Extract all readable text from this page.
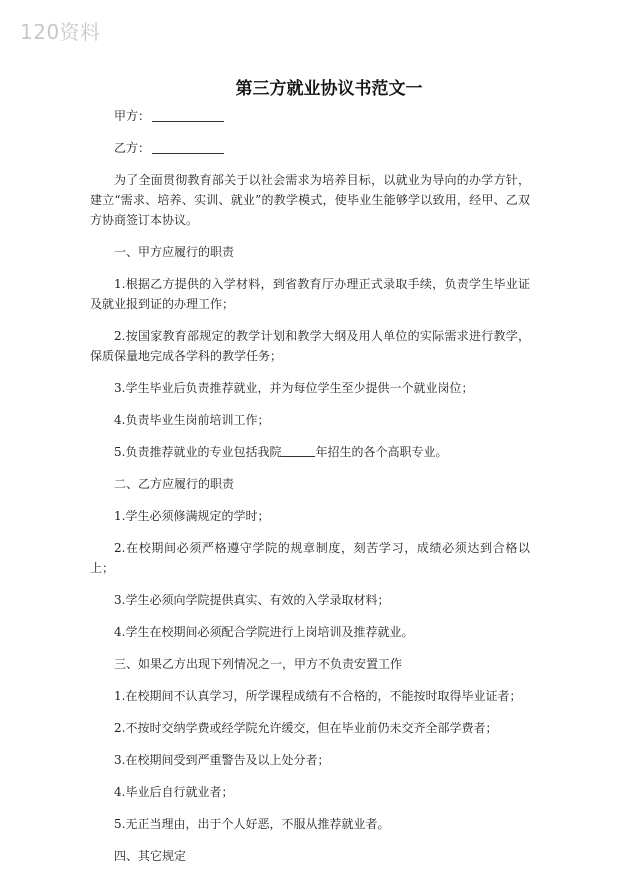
120资料
第三方就业协议书范文一
甲方：
乙方：

为了全面贯彻教育部关于以社会需求为培养目标，以就业为导向的办学方针，建立“需求、培养、实训、就业”的教学模式，使毕业生能够学以致用，经甲、乙双方协商签订本协议。

一、甲方应履行的职责

1.根据乙方提供的入学材料，到省教育厅办理正式录取手续，负责学生毕业证及就业报到证的办理工作；

2.按国家教育部规定的教学计划和教学大纲及用人单位的实际需求进行教学，保质保量地完成各学科的教学任务；

3.学生毕业后负责推荐就业，并为每位学生至少提供一个就业岗位；

4.负责毕业生岗前培训工作；

5.负责推荐就业的专业包括我院	年招生的各个高职专业。

二、乙方应履行的职责

1.学生必须修满规定的学时；

2.在校期间必须严格遵守学院的规章制度，刻苦学习，成绩必须达到合格以上；

3.学生必须向学院提供真实、有效的入学录取材料；

4.学生在校期间必须配合学院进行上岗培训及推荐就业。

三、如果乙方出现下列情况之一，甲方不负责安置工作

1.在校期间不认真学习，所学课程成绩有不合格的，不能按时取得毕业证者；

2.不按时交纳学费或经学院允许缓交，但在毕业前仍未交齐全部学费者；

3.在校期间受到严重警告及以上处分者；

4.毕业后自行就业者；

5.无正当理由，出于个人好恶，不服从推荐就业者。

四、其它规定
